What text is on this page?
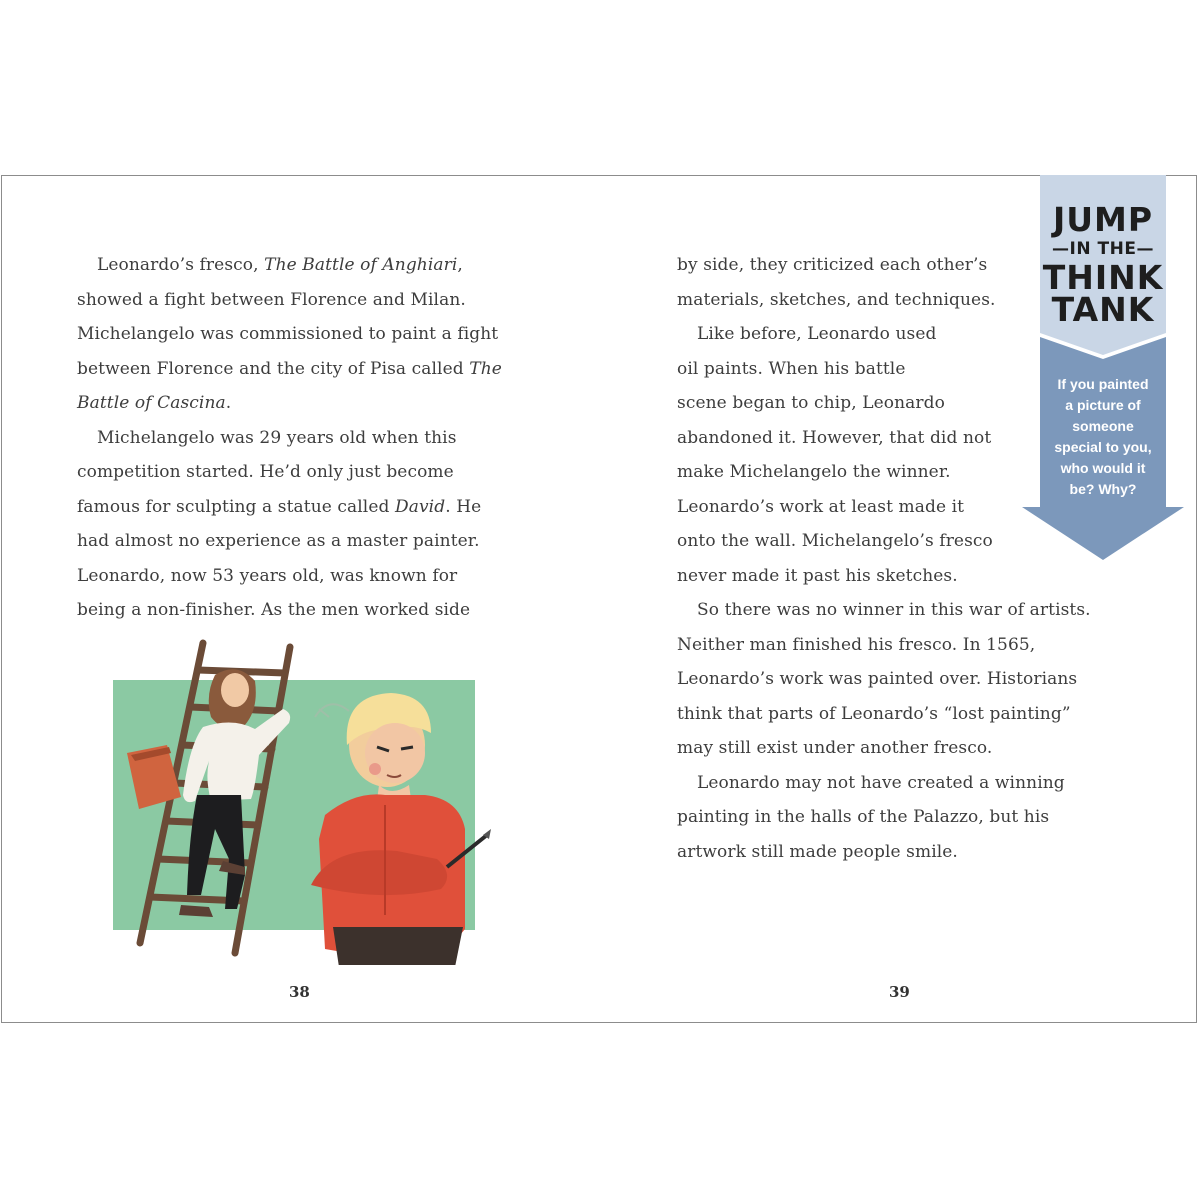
Leonardo’s fresco, The Battle of Anghiari,

showed a fight between Florence and Milan.

Michelangelo was commissioned to paint a fight

between Florence and the city of Pisa called The

Battle of Cascina.

Michelangelo was 29 years old when this

competition started. He’d only just become

famous for sculpting a statue called David. He

had almost no experience as a master painter.

Leonardo, now 53 years old, was known for

being a non-finisher. As the men worked side

by side, they criticized each other’s

materials, sketches, and techniques.

Like before, Leonardo used

oil paints. When his battle

scene began to chip, Leonardo

abandoned it. However, that did not

make Michelangelo the winner.

Leonardo’s work at least made it

onto the wall. Michelangelo’s fresco

never made it past his sketches.

So there was no winner in this war of artists.

Neither man finished his fresco. In 1565,

Leonardo’s work was painted over. Historians

think that parts of Leonardo’s “lost painting”

may still exist under another fresco.

Leonardo may not have created a winning

painting in the halls of the Palazzo, but his

artwork still made people smile.

38	39
JUMP
—IN THE—
THINK
TANK
If you painted
a picture of
someone
special to you,
who would it
be? Why?
